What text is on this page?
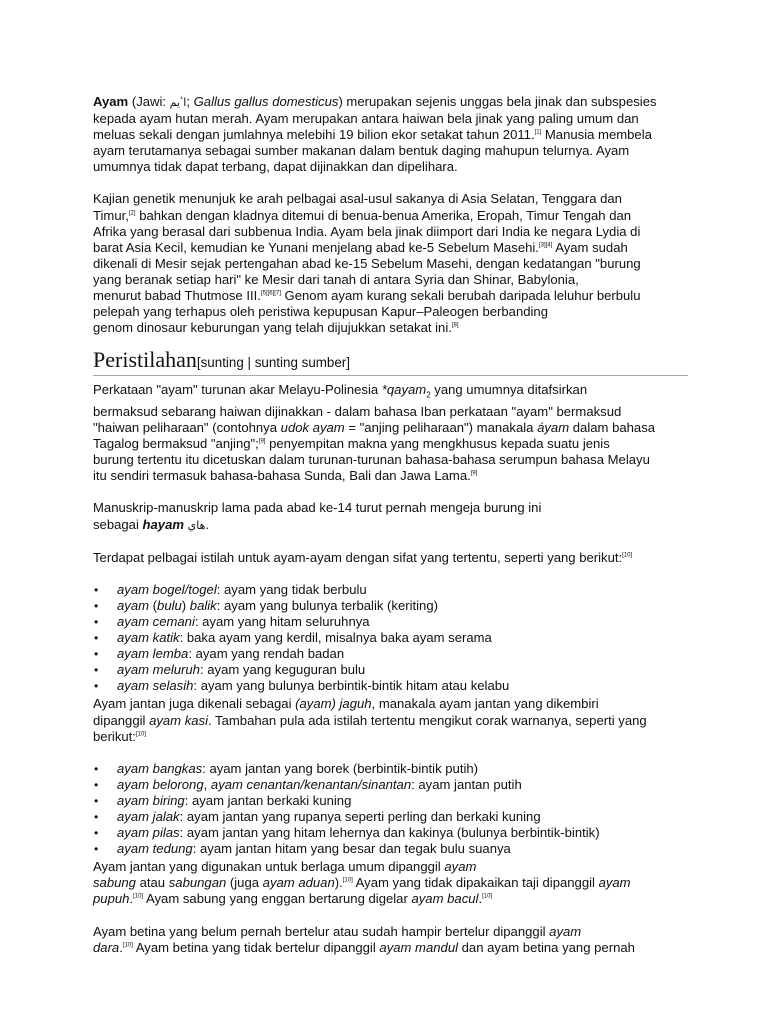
Ayam (Jawi: اٴيم; Gallus gallus domesticus) merupakan sejenis unggas bela jinak dan subspesies

kepada ayam hutan merah. Ayam merupakan antara haiwan bela jinak yang paling umum dan

meluas sekali dengan jumlahnya melebihi 19 bilion ekor setakat tahun 2011.[1] Manusia membela

ayam terutamanya sebagai sumber makanan dalam bentuk daging mahupun telurnya. Ayam

umumnya tidak dapat terbang, dapat dijinakkan dan dipelihara.

Kajian genetik menunjuk ke arah pelbagai asal-usul sakanya di Asia Selatan, Tenggara dan

Timur,[2] bahkan dengan kladnya ditemui di benua-benua Amerika, Eropah, Timur Tengah dan

Afrika yang berasal dari subbenua India. Ayam bela jinak diimport dari India ke negara Lydia di

barat Asia Kecil, kemudian ke Yunani menjelang abad ke-5 Sebelum Masehi.[3][4] Ayam sudah

dikenali di Mesir sejak pertengahan abad ke-15 Sebelum Masehi, dengan kedatangan "burung

yang beranak setiap hari" ke Mesir dari tanah di antara Syria dan Shinar, Babylonia,

menurut babad Thutmose III.[5][6][7] Genom ayam kurang sekali berubah daripada leluhur berbulu

pelepah yang terhapus oleh peristiwa kepupusan Kapur–Paleogen berbanding

genom dinosaur keburungan yang telah dijujukkan setakat ini.[8]

Peristilahan[sunting | sunting sumber]

Perkataan "ayam" turunan akar Melayu-Polinesia *qayam$_2$ yang umumnya ditafsirkan

bermaksud sebarang haiwan dijinakkan - dalam bahasa Iban perkataan "ayam" bermaksud

"haiwan peliharaan" (contohnya udok ayam = "anjing peliharaan") manakala áyam dalam bahasa

Tagalog bermaksud "anjing";[9] penyempitan makna yang mengkhusus kepada suatu jenis

burung tertentu itu dicetuskan dalam turunan-turunan bahasa-bahasa serumpun bahasa Melayu

itu sendiri termasuk bahasa-bahasa Sunda, Bali dan Jawa Lama.[9]

Manuskrip-manuskrip lama pada abad ke-14 turut pernah mengeja burung ini

sebagai hayam هاي.

Terdapat pelbagai istilah untuk ayam-ayam dengan sifat yang tertentu, seperti yang berikut:[10]

• ayam bogel/togel: ayam yang tidak berbulu
• ayam (bulu) balik: ayam yang bulunya terbalik (keriting)
• ayam cemani: ayam yang hitam seluruhnya
• ayam katik: baka ayam yang kerdil, misalnya baka ayam serama
• ayam lemba: ayam yang rendah badan
• ayam meluruh: ayam yang keguguran bulu
• ayam selasih: ayam yang bulunya berbintik-bintik hitam atau kelabu

Ayam jantan juga dikenali sebagai (ayam) jaguh, manakala ayam jantan yang dikembiri

dipanggil ayam kasi. Tambahan pula ada istilah tertentu mengikut corak warnanya, seperti yang

berikut:[10]

• ayam bangkas: ayam jantan yang borek (berbintik-bintik putih)
• ayam belorong, ayam cenantan/kenantan/sinantan: ayam jantan putih
• ayam biring: ayam jantan berkaki kuning
• ayam jalak: ayam jantan yang rupanya seperti perling dan berkaki kuning
• ayam pilas: ayam jantan yang hitam lehernya dan kakinya (bulunya berbintik-bintik)
• ayam tedung: ayam jantan hitam yang besar dan tegak bulu suanya

Ayam jantan yang digunakan untuk berlaga umum dipanggil ayam

sabung atau sabungan (juga ayam aduan).[10] Ayam yang tidak dipakaikan taji dipanggil ayam

pupuh.[10] Ayam sabung yang enggan bertarung digelar ayam bacul.[10]

Ayam betina yang belum pernah bertelur atau sudah hampir bertelur dipanggil ayam

dara.[10] Ayam betina yang tidak bertelur dipanggil ayam mandul dan ayam betina yang pernah
